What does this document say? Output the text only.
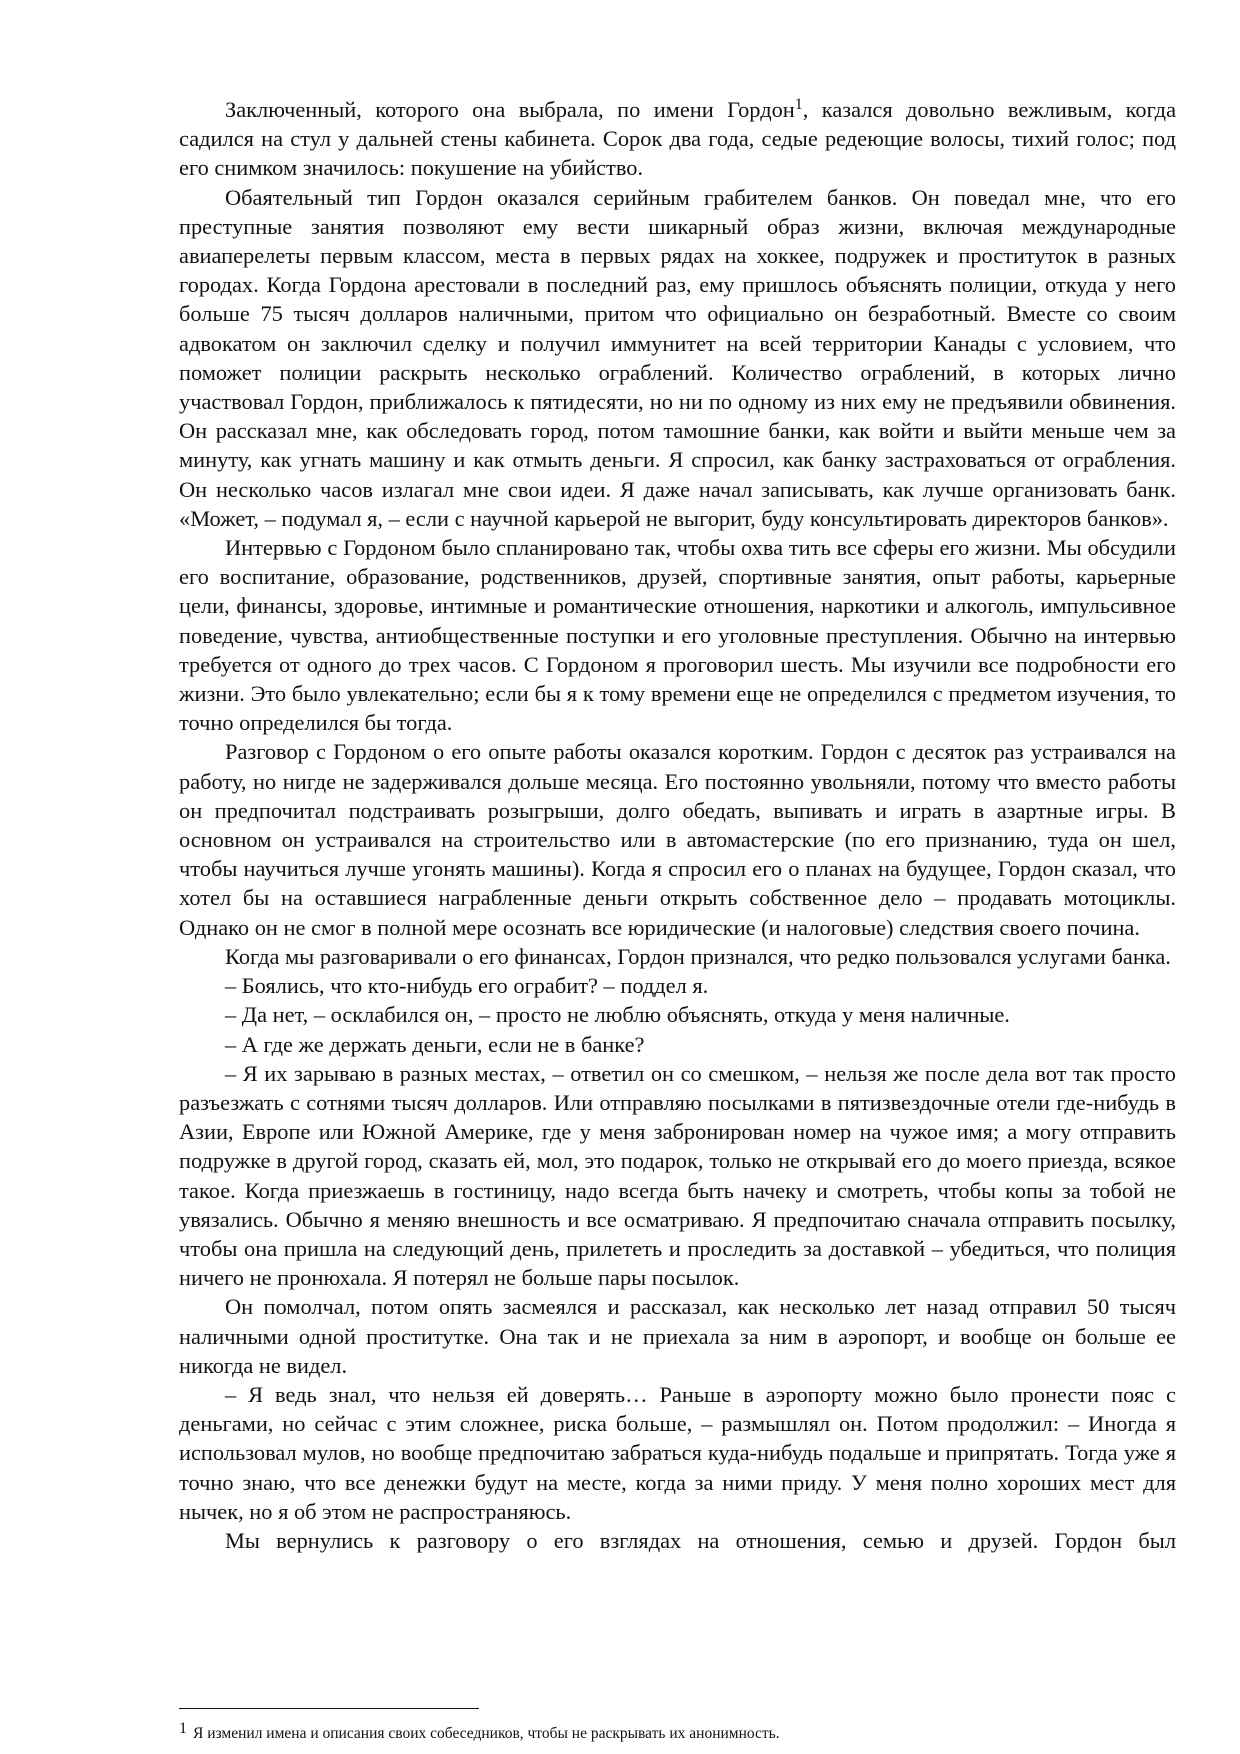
Заключенный, которого она выбрала, по имени Гордон$^1$, казался довольно вежливым, когда садился на стул у дальней стены кабинета. Сорок два года, седые редеющие волосы, тихий голос; под его снимком значилось: покушение на убийство.

Обаятельный тип Гордон оказался серийным грабителем банков. Он поведал мне, что его преступные занятия позволяют ему вести шикарный образ жизни, включая международные авиаперелеты первым классом, места в первых рядах на хоккее, подружек и проституток в разных городах. Когда Гордона арестовали в последний раз, ему пришлось объяснять полиции, откуда у него больше 75 тысяч долларов наличными, притом что официально он безработный. Вместе со своим адвокатом он заключил сделку и получил иммунитет на всей территории Канады с условием, что поможет полиции раскрыть несколько ограблений. Количество ограблений, в которых лично участвовал Гордон, приближалось к пятидесяти, но ни по одному из них ему не предъявили обвинения. Он рассказал мне, как обследовать город, потом тамошние банки, как войти и выйти меньше чем за минуту, как угнать машину и как отмыть деньги. Я спросил, как банку застраховаться от ограбления. Он несколько часов излагал мне свои идеи. Я даже начал записывать, как лучше организовать банк. «Может, – подумал я, – если с научной карьерой не выгорит, буду консультировать директоров банков».

Интервью с Гордоном было спланировано так, чтобы охва тить все сферы его жизни. Мы обсудили его воспитание, образование, родственников, друзей, спортивные занятия, опыт работы, карьерные цели, финансы, здоровье, интимные и романтические отношения, наркотики и алкоголь, импульсивное поведение, чувства, антиобщественные поступки и его уголовные преступления. Обычно на интервью требуется от одного до трех часов. С Гордоном я проговорил шесть. Мы изучили все подробности его жизни. Это было увлекательно; если бы я к тому времени еще не определился с предметом изучения, то точно определился бы тогда.

Разговор с Гордоном о его опыте работы оказался коротким. Гордон с десяток раз устраивался на работу, но нигде не задерживался дольше месяца. Его постоянно увольняли, потому что вместо работы он предпочитал подстраивать розыгрыши, долго обедать, выпивать и играть в азартные игры. В основном он устраивался на строительство или в автомастерские (по его признанию, туда он шел, чтобы научиться лучше угонять машины). Когда я спросил его о планах на будущее, Гордон сказал, что хотел бы на оставшиеся награбленные деньги открыть собственное дело – продавать мотоциклы. Однако он не смог в полной мере осознать все юридические (и налоговые) следствия своего почина.

Когда мы разговаривали о его финансах, Гордон признался, что редко пользовался услугами банка.

– Боялись, что кто-нибудь его ограбит? – поддел я.

– Да нет, – осклабился он, – просто не люблю объяснять, откуда у меня наличные.

– А где же держать деньги, если не в банке?

– Я их зарываю в разных местах, – ответил он со смешком, – нельзя же после дела вот так просто разъезжать с сотнями тысяч долларов. Или отправляю посылками в пятизвездочные отели где-нибудь в Азии, Европе или Южной Америке, где у меня забронирован номер на чужое имя; а могу отправить подружке в другой город, сказать ей, мол, это подарок, только не открывай его до моего приезда, всякое такое. Когда приезжаешь в гостиницу, надо всегда быть начеку и смотреть, чтобы копы за тобой не увязались. Обычно я меняю внешность и все осматриваю. Я предпочитаю сначала отправить посылку, чтобы она пришла на следующий день, прилететь и проследить за доставкой – убедиться, что полиция ничего не пронюхала. Я потерял не больше пары посылок.

Он помолчал, потом опять засмеялся и рассказал, как несколько лет назад отправил 50 тысяч наличными одной проститутке. Она так и не приехала за ним в аэропорт, и вообще он больше ее никогда не видел.

– Я ведь знал, что нельзя ей доверять… Раньше в аэропорту можно было пронести пояс с деньгами, но сейчас с этим сложнее, риска больше, – размышлял он. Потом продолжил: – Иногда я использовал мулов, но вообще предпочитаю забраться куда-нибудь подальше и припрятать. Тогда уже я точно знаю, что все денежки будут на месте, когда за ними приду. У меня полно хороших мест для нычек, но я об этом не распространяюсь.

Мы вернулись к разговору о его взглядах на отношения, семью и друзей. Гордон был

1 Я изменил имена и описания своих собеседников, чтобы не раскрывать их анонимность.
